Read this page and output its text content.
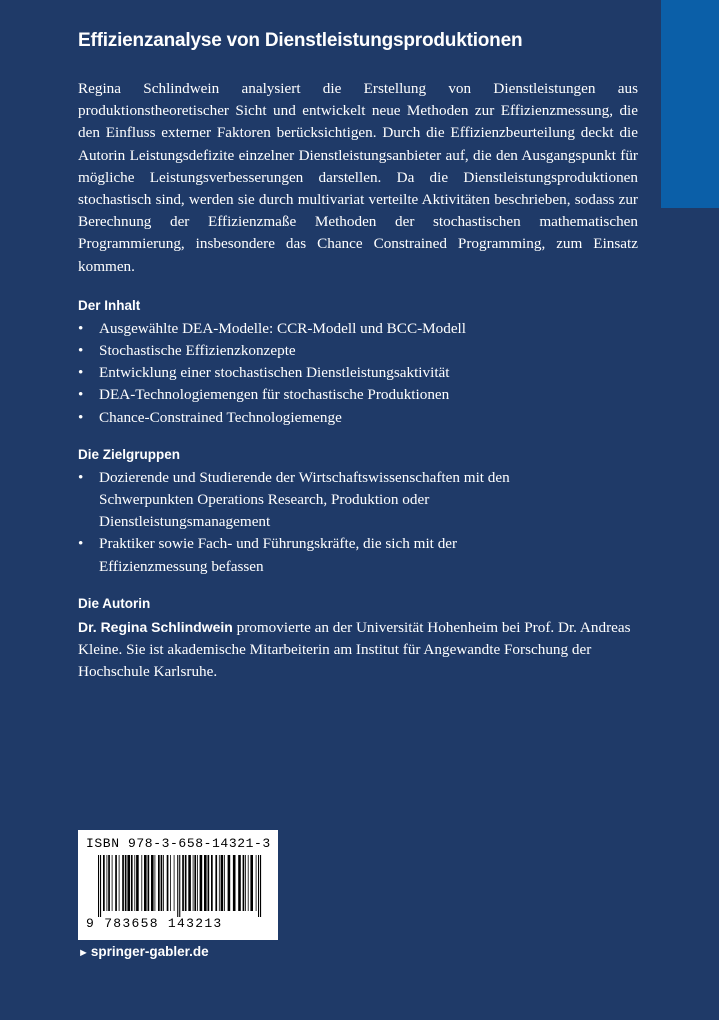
Effizienzanalyse von Dienstleistungsproduktionen

Regina Schlindwein analysiert die Erstellung von Dienstleistungen aus produktionstheoretischer Sicht und entwickelt neue Methoden zur Effizienzmessung, die den Einfluss externer Faktoren berücksichtigen. Durch die Effizienzbeurteilung deckt die Autorin Leistungsdefizite einzelner Dienstleistungsanbieter auf, die den Ausgangspunkt für mögliche Leistungsverbesserungen darstellen. Da die Dienstleistungsproduktionen stochastisch sind, werden sie durch multivariat verteilte Aktivitäten beschrieben, sodass zur Berechnung der Effizienzmaße Methoden der stochastischen mathematischen Programmierung, insbesondere das Chance Constrained Programming, zum Einsatz kommen.

Der Inhalt
• Ausgewählte DEA-Modelle: CCR-Modell und BCC-Modell
• Stochastische Effizienzkonzepte
• Entwicklung einer stochastischen Dienstleistungsaktivität
• DEA-Technologiemengen für stochastische Produktionen
• Chance-Constrained Technologiemenge
Die Zielgruppen
• Dozierende und Studierende der Wirtschaftswissenschaften mit den Schwerpunkten Operations Research, Produktion oder Dienstleistungsmanagement
• Praktiker sowie Fach- und Führungskräfte, die sich mit der Effizienzmessung befassen
Die Autorin

Dr. Regina Schlindwein promovierte an der Universität Hohenheim bei Prof. Dr. Andreas Kleine. Sie ist akademische Mitarbeiterin am Institut für Angewandte Forschung der Hochschule Karlsruhe.

ISBN 978-3-658-14321-3
9 783658 143213
► springer-gabler.de
